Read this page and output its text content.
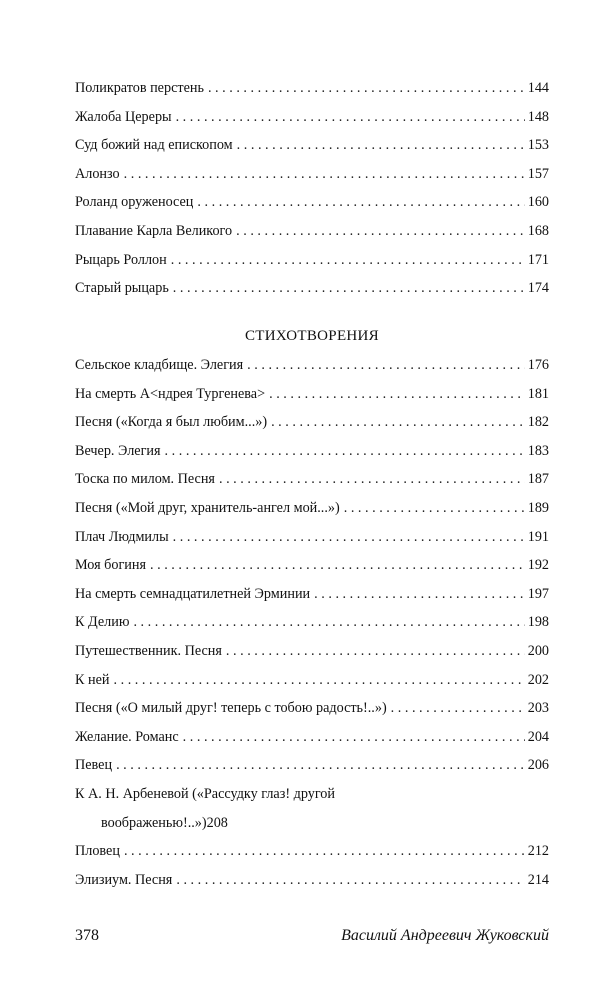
Поликратов перстень . . .	144
Жалоба Цереры . . .	148
Суд божий над епископом . . .	153
Алонзо . . .	157
Роланд оруженосец . . .	160
Плавание Карла Великого . . .	168
Рыцарь Роллон . . .	171
Старый рыцарь . . .	174
СТИХОТВОРЕНИЯ
Сельское кладбище. Элегия . . .	176
На смерть А<ндрея Тургенева> . . .	181
Песня («Когда я был любим...») . . .	182
Вечер. Элегия . . .	183
Тоска по милом. Песня . . .	187
Песня («Мой друг, хранитель-ангел мой...») . . .	189
Плач Людмилы . . .	191
Моя богиня . . .	192
На смерть семнадцатилетней Эрминии . . .	197
К Делию . . .	198
Путешественник. Песня . . .	200
К ней . . .	202
Песня («О милый друг! теперь с тобою радость!..») . . .	203
Желание. Романс . . .	204
Певец . . .	206
К А. Н. Арбеневой («Рассудку глаз! другой
воображенью!..») 208
Пловец . . .	212
Элизиум. Песня . . .	214
378	Василий Андреевич Жуковский
